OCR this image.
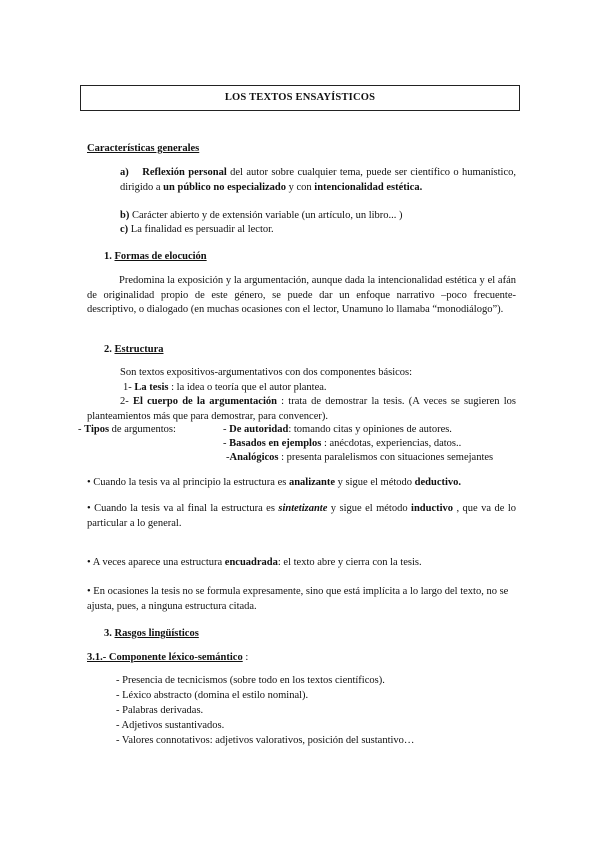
LOS TEXTOS ENSAYÍSTICOS
Características generales
a) Reflexión personal del autor sobre cualquier tema, puede ser científico o humanístico, dirigido a un público no especializado y con intencionalidad estética.
b) Carácter abierto y de extensión variable (un artículo, un libro... )
c) La finalidad es persuadir al lector.
1. Formas de elocución
Predomina la exposición y la argumentación, aunque dada la intencionalidad estética y el afán de originalidad propio de este género, se puede dar un enfoque narrativo –poco frecuente- descriptivo, o dialogado (en muchas ocasiones con el lector, Unamuno lo llamaba “monodiálogo”).
2. Estructura
Son textos expositivos-argumentativos con dos componentes básicos:
1- La tesis : la idea o teoría que el autor plantea.
2- El cuerpo de la argumentación : trata de demostrar la tesis. (A veces se sugieren los planteamientos más que para demostrar, para convencer).
- Tipos de argumentos:	- De autoridad: tomando citas y opiniones de autores.
- Basados en ejemplos : anécdotas, experiencias, datos..
-Analógicos : presenta paralelismos con situaciones semejantes
• Cuando la tesis va al principio la estructura es analizante y sigue el método deductivo.
• Cuando la tesis va al final la estructura es sintetizante y sigue el método inductivo , que va de lo particular a lo general.
• A veces aparece una estructura encuadrada: el texto abre y cierra con la tesis.
• En ocasiones la tesis no se formula expresamente, sino que está implícita a lo largo del texto, no se ajusta, pues, a ninguna estructura citada.
3. Rasgos lingüísticos
3.1.- Componente léxico-semántico :
- Presencia de tecnicismos (sobre todo en los textos científicos).
- Léxico abstracto (domina el estilo nominal).
- Palabras derivadas.
- Adjetivos sustantivados.
- Valores connotativos: adjetivos valorativos, posición del sustantivo…
